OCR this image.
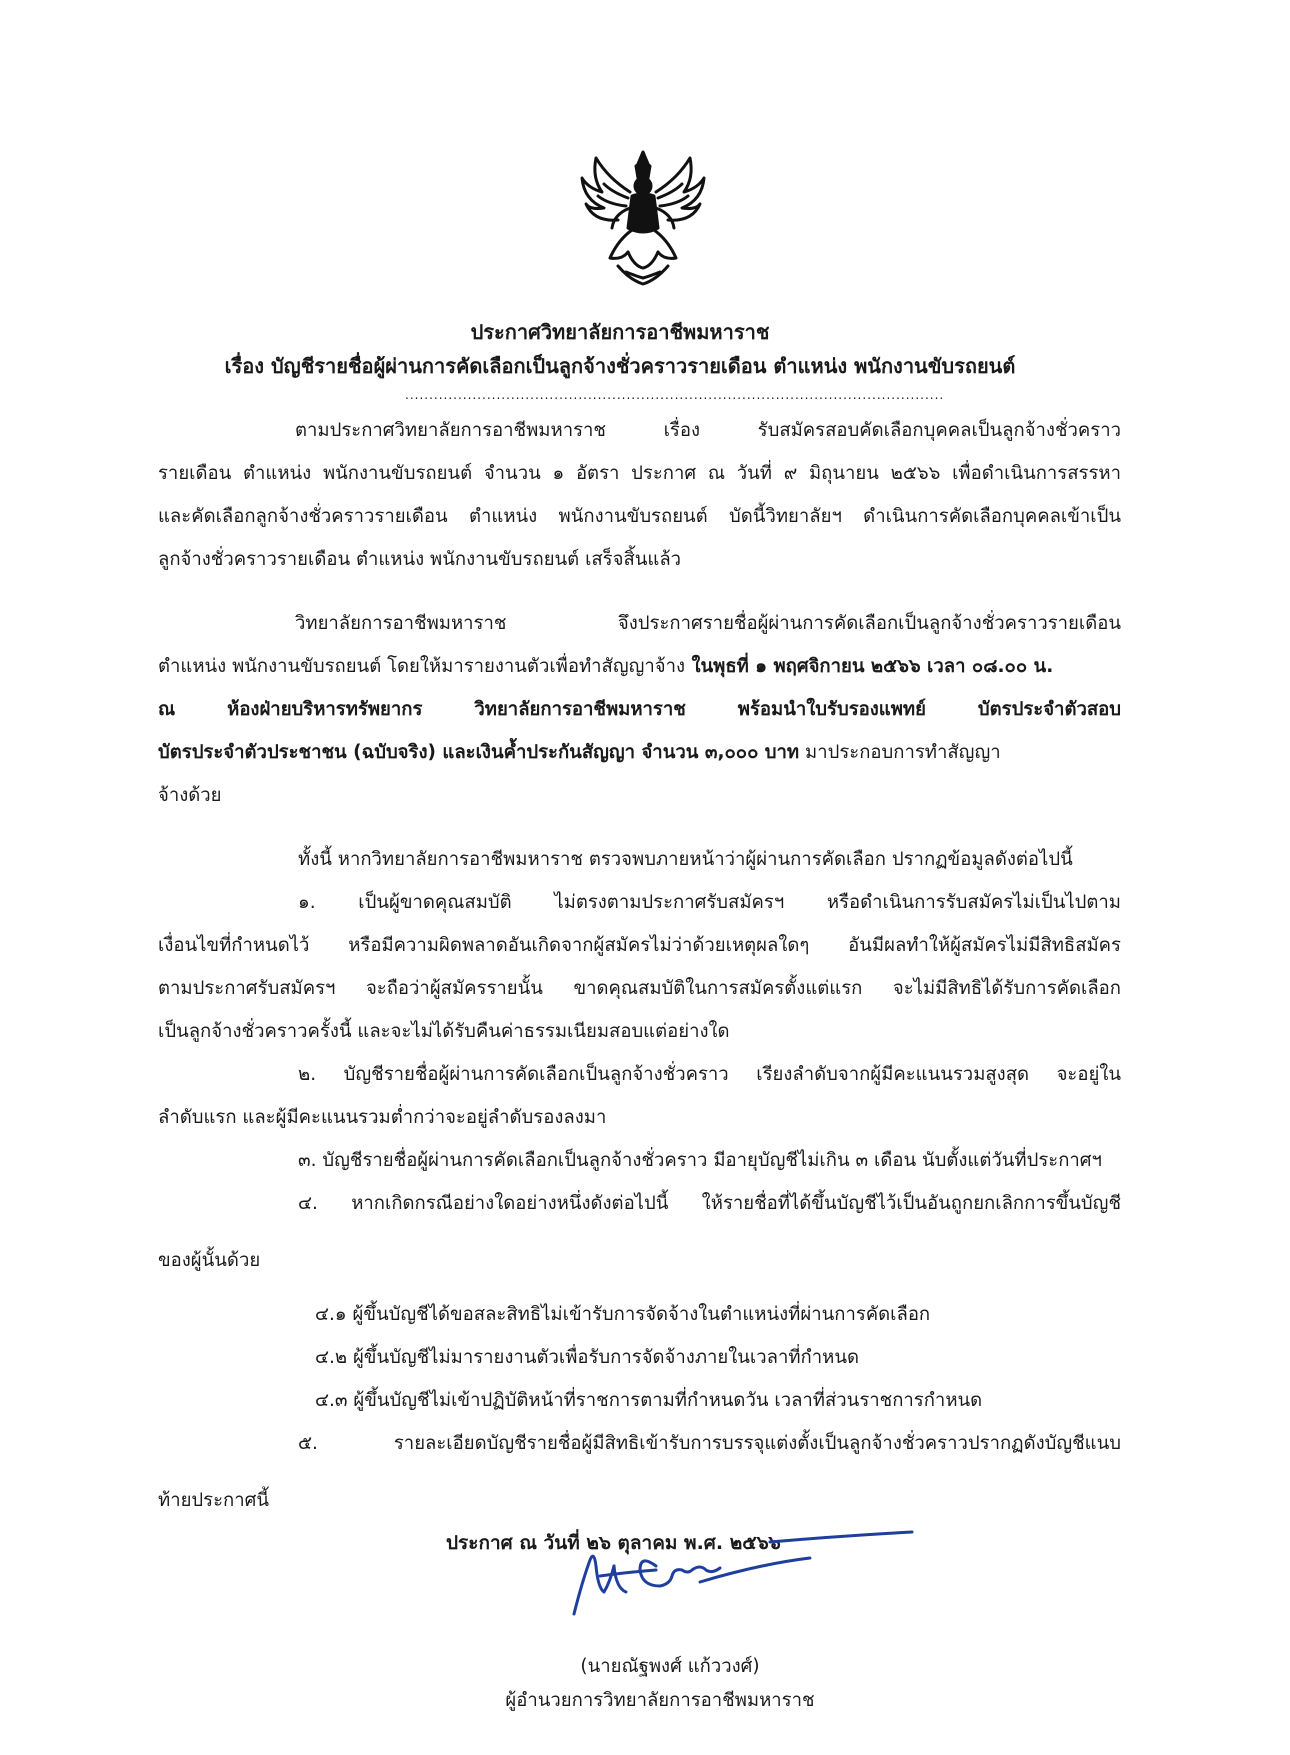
ประกาศวิทยาลัยการอาชีพมหาราช
เรื่อง บัญชีรายชื่อผู้ผ่านการคัดเลือกเป็นลูกจ้างชั่วคราวรายเดือน ตำแหน่ง พนักงานขับรถยนต์
................................................................................................................
ตามประกาศวิทยาลัยการอาชีพมหาราช เรื่อง รับสมัครสอบคัดเลือกบุคคลเป็นลูกจ้างชั่วคราว
รายเดือน ตำแหน่ง พนักงานขับรถยนต์ จำนวน ๑ อัตรา ประกาศ ณ วันที่ ๙ มิถุนายน ๒๕๖๖ เพื่อดำเนินการสรรหา
และคัดเลือกลูกจ้างชั่วคราวรายเดือน ตำแหน่ง พนักงานขับรถยนต์ บัดนี้วิทยาลัยฯ ดำเนินการคัดเลือกบุคคลเข้าเป็น
ลูกจ้างชั่วคราวรายเดือน ตำแหน่ง พนักงานขับรถยนต์ เสร็จสิ้นแล้ว
วิทยาลัยการอาชีพมหาราช จึงประกาศรายชื่อผู้ผ่านการคัดเลือกเป็นลูกจ้างชั่วคราวรายเดือน
ตำแหน่ง พนักงานขับรถยนต์ โดยให้มารายงานตัวเพื่อทำสัญญาจ้าง ในพุธที่ ๑ พฤศจิกายน ๒๕๖๖ เวลา ๐๘.๐๐ น.
ณ ห้องฝ่ายบริหารทรัพยากร วิทยาลัยการอาชีพมหาราช พร้อมนำใบรับรองแพทย์ บัตรประจำตัวสอบ
บัตรประจำตัวประชาชน (ฉบับจริง) และเงินค้ำประกันสัญญา จำนวน ๓,๐๐๐ บาท มาประกอบการทำสัญญา
จ้างด้วย
ทั้งนี้ หากวิทยาลัยการอาชีพมหาราช ตรวจพบภายหน้าว่าผู้ผ่านการคัดเลือก ปรากฏข้อมูลดังต่อไปนี้
๑. เป็นผู้ขาดคุณสมบัติ ไม่ตรงตามประกาศรับสมัครฯ หรือดำเนินการรับสมัครไม่เป็นไปตาม
เงื่อนไขที่กำหนดไว้ หรือมีความผิดพลาดอันเกิดจากผู้สมัครไม่ว่าด้วยเหตุผลใดๆ อันมีผลทำให้ผู้สมัครไม่มีสิทธิสมัคร
ตามประกาศรับสมัครฯ จะถือว่าผู้สมัครรายนั้น ขาดคุณสมบัติในการสมัครตั้งแต่แรก จะไม่มีสิทธิได้รับการคัดเลือก
เป็นลูกจ้างชั่วคราวครั้งนี้ และจะไม่ได้รับคืนค่าธรรมเนียมสอบแต่อย่างใด
๒. บัญชีรายชื่อผู้ผ่านการคัดเลือกเป็นลูกจ้างชั่วคราว เรียงลำดับจากผู้มีคะแนนรวมสูงสุด จะอยู่ใน
ลำดับแรก และผู้มีคะแนนรวมต่ำกว่าจะอยู่ลำดับรองลงมา
๓. บัญชีรายชื่อผู้ผ่านการคัดเลือกเป็นลูกจ้างชั่วคราว มีอายุบัญชีไม่เกิน ๓ เดือน นับตั้งแต่วันที่ประกาศฯ
๔. หากเกิดกรณีอย่างใดอย่างหนึ่งดังต่อไปนี้ ให้รายชื่อที่ได้ขึ้นบัญชีไว้เป็นอันถูกยกเลิกการขึ้นบัญชี
ของผู้นั้นด้วย
๔.๑ ผู้ขึ้นบัญชีได้ขอสละสิทธิไม่เข้ารับการจัดจ้างในตำแหน่งที่ผ่านการคัดเลือก
๔.๒ ผู้ขึ้นบัญชีไม่มารายงานตัวเพื่อรับการจัดจ้างภายในเวลาที่กำหนด
๔.๓ ผู้ขึ้นบัญชีไม่เข้าปฏิบัติหน้าที่ราชการตามที่กำหนดวัน เวลาที่ส่วนราชการกำหนด
๕. รายละเอียดบัญชีรายชื่อผู้มีสิทธิเข้ารับการบรรจุแต่งตั้งเป็นลูกจ้างชั่วคราวปรากฏดังบัญชีแนบ
ท้ายประกาศนี้
ประกาศ ณ วันที่ ๒๖ ตุลาคม พ.ศ. ๒๕๖๖
(นายณัฐพงศ์ แก้ววงศ์)
ผู้อำนวยการวิทยาลัยการอาชีพมหาราช
